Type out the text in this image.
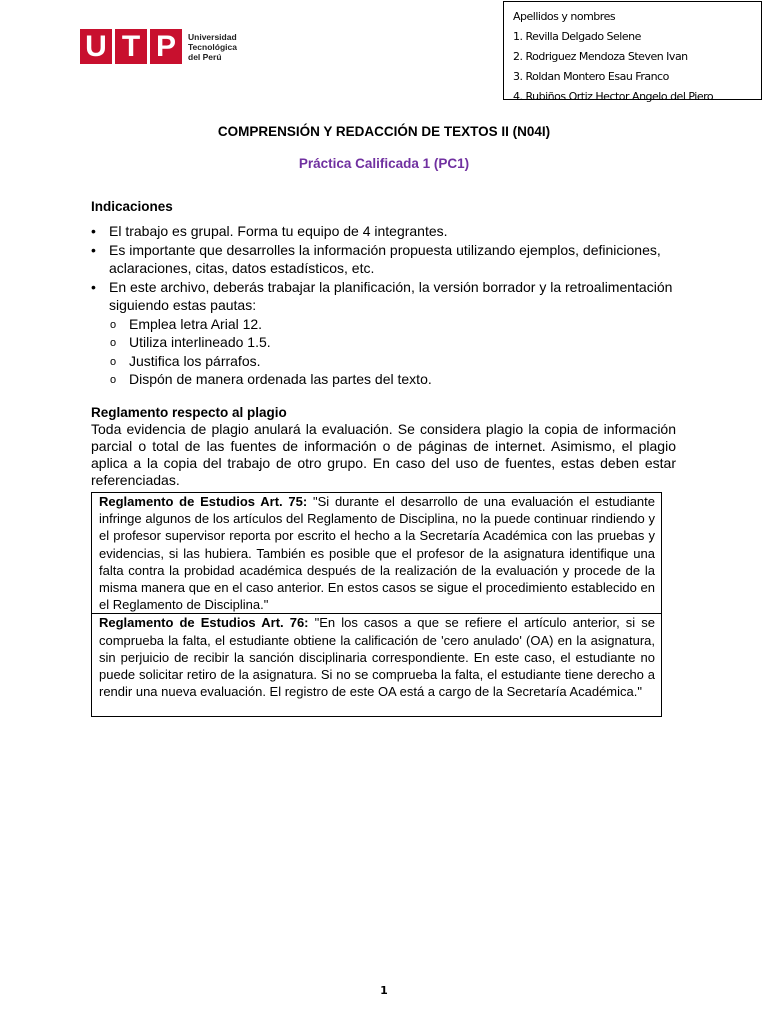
U T P	Universidad
Tecnológica
del Perú
Apellidos y nombres
1. Revilla Delgado Selene
2. Rodriguez Mendoza Steven Ivan
3. Roldan Montero Esau Franco
4. Rubiños Ortiz Hector Angelo del Piero
COMPRENSIÓN Y REDACCIÓN DE TEXTOS II (N04I)
Práctica Calificada 1 (PC1)
Indicaciones
• El trabajo es grupal. Forma tu equipo de 4 integrantes.
• Es importante que desarrolles la información propuesta utilizando ejemplos, definiciones, aclaraciones, citas, datos estadísticos, etc.
• En este archivo, deberás trabajar la planificación, la versión borrador y la retroalimentación siguiendo estas pautas:
o Emplea letra Arial 12.
o Utiliza interlineado 1.5.
o Justifica los párrafos.
o Dispón de manera ordenada las partes del texto.
Reglamento respecto al plagio
Toda evidencia de plagio anulará la evaluación. Se considera plagio la copia de información parcial o total de las fuentes de información o de páginas de internet. Asimismo, el plagio aplica a la copia del trabajo de otro grupo. En caso del uso de fuentes, estas deben estar referenciadas.
Reglamento de Estudios Art. 75: "Si durante el desarrollo de una evaluación el estudiante infringe algunos de los artículos del Reglamento de Disciplina, no la puede continuar rindiendo y el profesor supervisor reporta por escrito el hecho a la Secretaría Académica con las pruebas y evidencias, si las hubiera. También es posible que el profesor de la asignatura identifique una falta contra la probidad académica después de la realización de la evaluación y procede de la misma manera que en el caso anterior. En estos casos se sigue el procedimiento establecido en el Reglamento de Disciplina."
Reglamento de Estudios Art. 76: "En los casos a que se refiere el artículo anterior, si se comprueba la falta, el estudiante obtiene la calificación de 'cero anulado' (OA) en la asignatura, sin perjuicio de recibir la sanción disciplinaria correspondiente. En este caso, el estudiante no puede solicitar retiro de la asignatura. Si no se comprueba la falta, el estudiante tiene derecho a rendir una nueva evaluación. El registro de este OA está a cargo de la Secretaría Académica."
1
